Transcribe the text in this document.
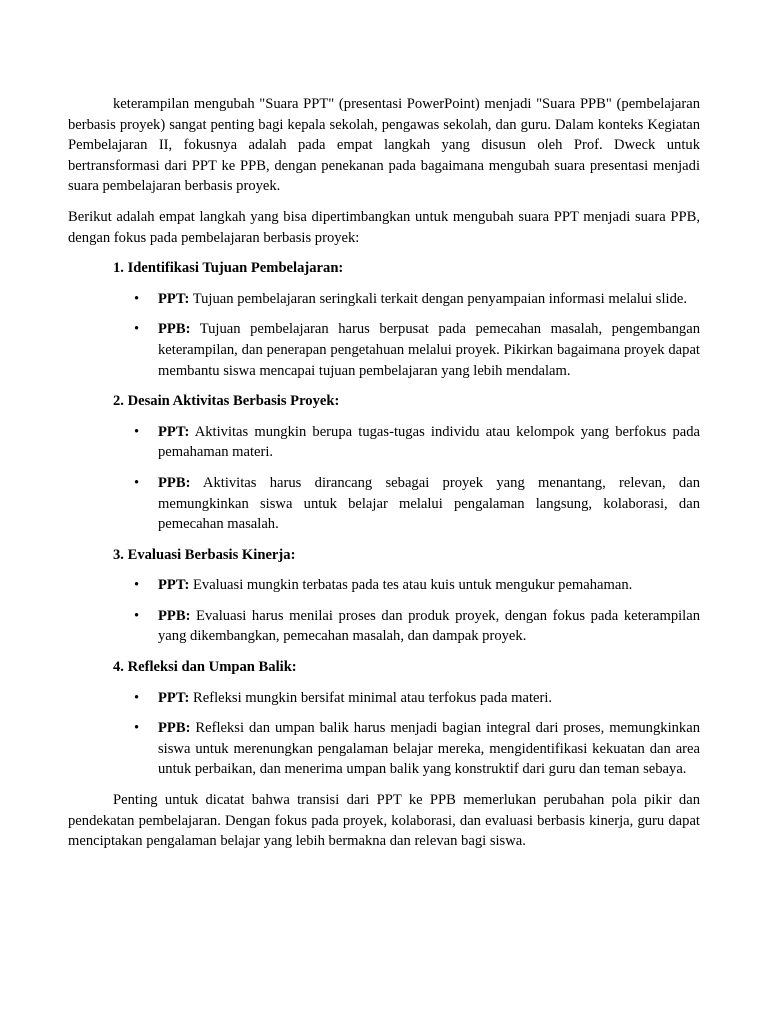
keterampilan mengubah "Suara PPT" (presentasi PowerPoint) menjadi "Suara PPB" (pembelajaran berbasis proyek) sangat penting bagi kepala sekolah, pengawas sekolah, dan guru. Dalam konteks Kegiatan Pembelajaran II, fokusnya adalah pada empat langkah yang disusun oleh Prof. Dweck untuk bertransformasi dari PPT ke PPB, dengan penekanan pada bagaimana mengubah suara presentasi menjadi suara pembelajaran berbasis proyek.

Berikut adalah empat langkah yang bisa dipertimbangkan untuk mengubah suara PPT menjadi suara PPB, dengan fokus pada pembelajaran berbasis proyek:

1. Identifikasi Tujuan Pembelajaran:
• PPT: Tujuan pembelajaran seringkali terkait dengan penyampaian informasi melalui slide.
• PPB: Tujuan pembelajaran harus berpusat pada pemecahan masalah, pengembangan keterampilan, dan penerapan pengetahuan melalui proyek. Pikirkan bagaimana proyek dapat membantu siswa mencapai tujuan pembelajaran yang lebih mendalam.
2. Desain Aktivitas Berbasis Proyek:
• PPT: Aktivitas mungkin berupa tugas-tugas individu atau kelompok yang berfokus pada pemahaman materi.
• PPB: Aktivitas harus dirancang sebagai proyek yang menantang, relevan, dan memungkinkan siswa untuk belajar melalui pengalaman langsung, kolaborasi, dan pemecahan masalah.
3. Evaluasi Berbasis Kinerja:
• PPT: Evaluasi mungkin terbatas pada tes atau kuis untuk mengukur pemahaman.
• PPB: Evaluasi harus menilai proses dan produk proyek, dengan fokus pada keterampilan yang dikembangkan, pemecahan masalah, dan dampak proyek.
4. Refleksi dan Umpan Balik:
• PPT: Refleksi mungkin bersifat minimal atau terfokus pada materi.
• PPB: Refleksi dan umpan balik harus menjadi bagian integral dari proses, memungkinkan siswa untuk merenungkan pengalaman belajar mereka, mengidentifikasi kekuatan dan area untuk perbaikan, dan menerima umpan balik yang konstruktif dari guru dan teman sebaya.

Penting untuk dicatat bahwa transisi dari PPT ke PPB memerlukan perubahan pola pikir dan pendekatan pembelajaran. Dengan fokus pada proyek, kolaborasi, dan evaluasi berbasis kinerja, guru dapat menciptakan pengalaman belajar yang lebih bermakna dan relevan bagi siswa.
